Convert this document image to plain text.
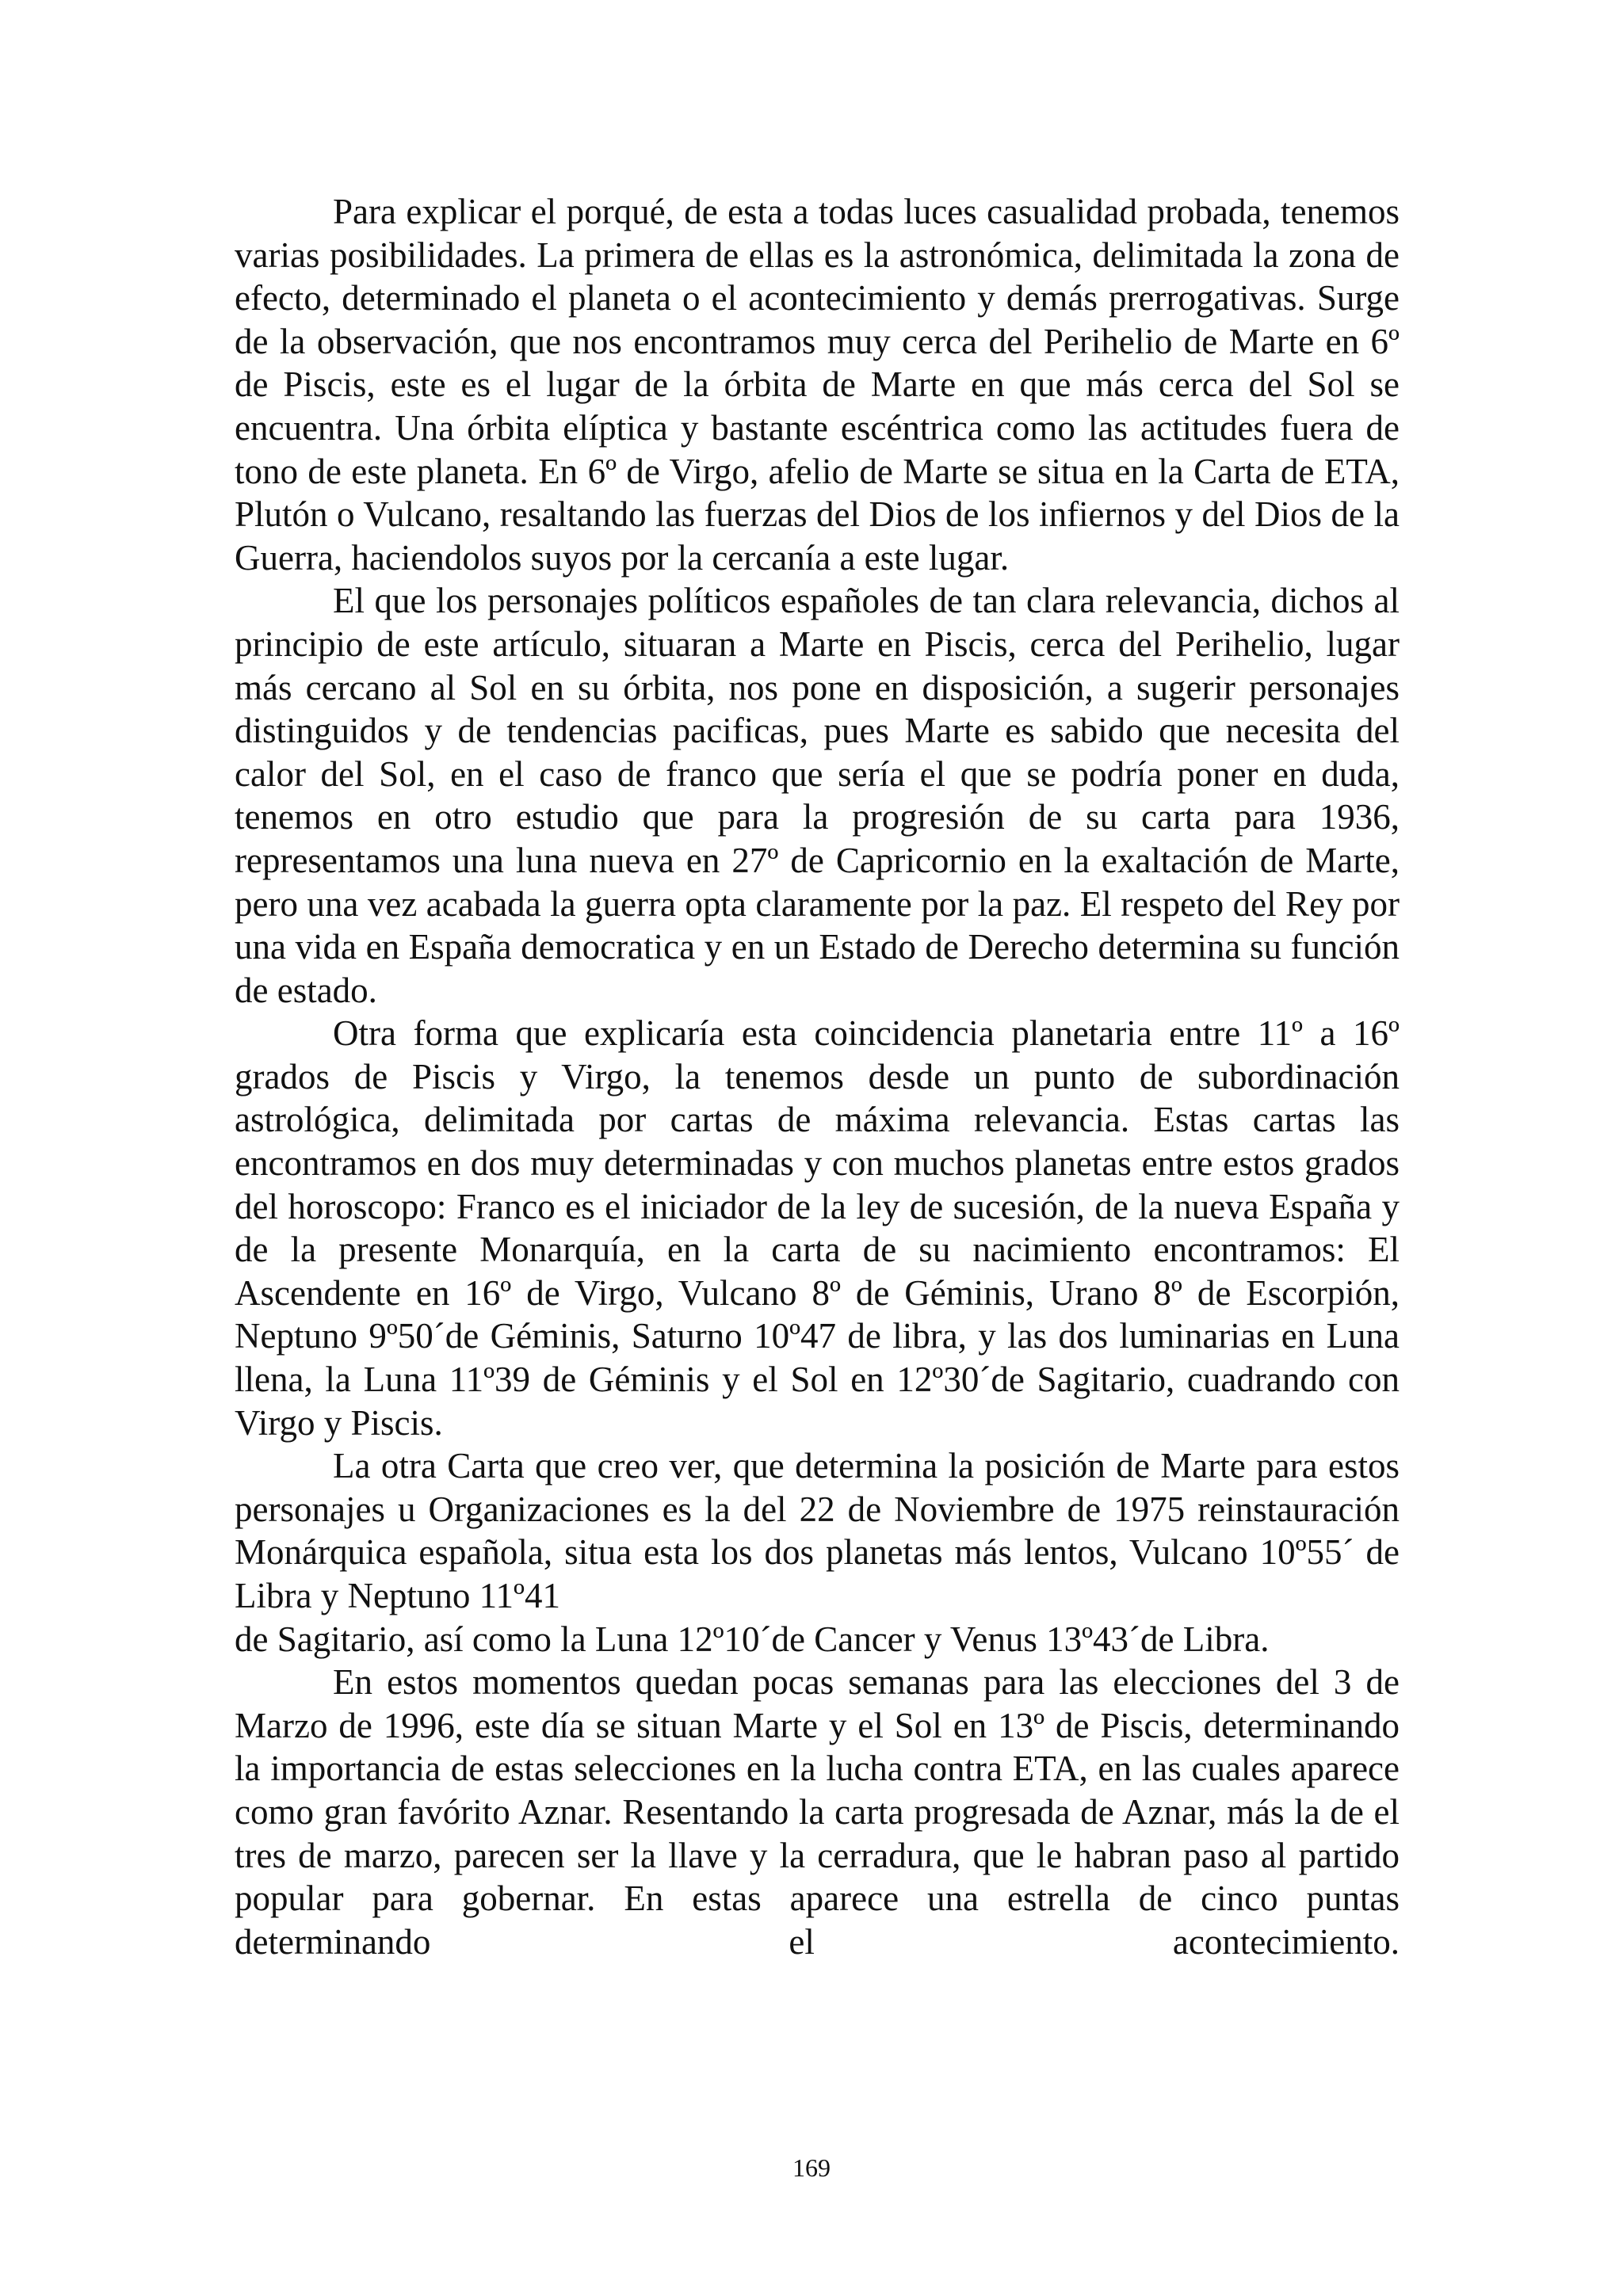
Para explicar el porqué, de esta a todas luces casualidad probada, tenemos varias posibilidades. La primera de ellas es la astronómica, delimitada la zona de efecto, determinado el planeta o el acontecimiento y demás prerrogativas. Surge de la observación, que nos encontramos muy cerca del Perihelio de Marte en 6º de Piscis, este es el lugar de la órbita de Marte en que más cerca del Sol se encuentra. Una órbita elíptica y bastante escéntrica como las actitudes fuera de tono de este planeta. En 6º de Virgo, afelio de Marte se situa en la Carta de ETA, Plutón o Vulcano, resaltando las fuerzas del Dios de los infiernos y del Dios de la Guerra, haciendolos suyos por la cercanía a este lugar.

El que los personajes políticos españoles de tan clara relevancia, dichos al principio de este artículo, situaran a Marte en Piscis, cerca del Perihelio, lugar más cercano al Sol en su órbita, nos pone en disposición, a sugerir personajes distinguidos y de tendencias pacificas, pues Marte es sabido que necesita del calor del Sol, en el caso de franco que sería el que se podría poner en duda, tenemos en otro estudio que para la progresión de su carta para 1936, representamos una luna nueva en 27º de Capricornio en la exaltación de Marte, pero una vez acabada la guerra opta claramente por la paz. El respeto del Rey por una vida en España democratica y en un Estado de Derecho determina su función de estado.

Otra forma que explicaría esta coincidencia planetaria entre 11º a 16º grados de Piscis y Virgo, la tenemos desde un punto de subordinación astrológica, delimitada por cartas de máxima relevancia. Estas cartas las encontramos en dos muy determinadas y con muchos planetas entre estos grados del horoscopo: Franco es el iniciador de la ley de sucesión, de la nueva España y de la presente Monarquía, en la carta de su nacimiento encontramos: El Ascendente en 16º de Virgo, Vulcano 8º de Géminis, Urano 8º de Escorpión, Neptuno 9º50´de Géminis, Saturno 10º47 de libra, y las dos luminarias en Luna llena, la Luna 11º39 de Géminis y el Sol en 12º30´de Sagitario, cuadrando con Virgo y Piscis.

La otra Carta que creo ver, que determina la posición de Marte para estos personajes u Organizaciones es la del 22 de Noviembre de 1975 reinstauración Monárquica española, situa esta los dos planetas más lentos, Vulcano 10º55´ de Libra y Neptuno 11º41

de Sagitario, así como la Luna 12º10´de Cancer y Venus 13º43´de Libra.

En estos momentos quedan pocas semanas para las elecciones del 3 de Marzo de 1996, este día se situan Marte y el Sol en 13º de Piscis, determinando la importancia de estas selecciones en la lucha contra ETA, en las cuales aparece como gran favórito Aznar. Resentando la carta progresada de Aznar, más la de el tres de marzo, parecen ser la llave y la cerradura, que le habran paso al partido popular para gobernar. En estas aparece una estrella de cinco puntas determinando el acontecimiento.

169
